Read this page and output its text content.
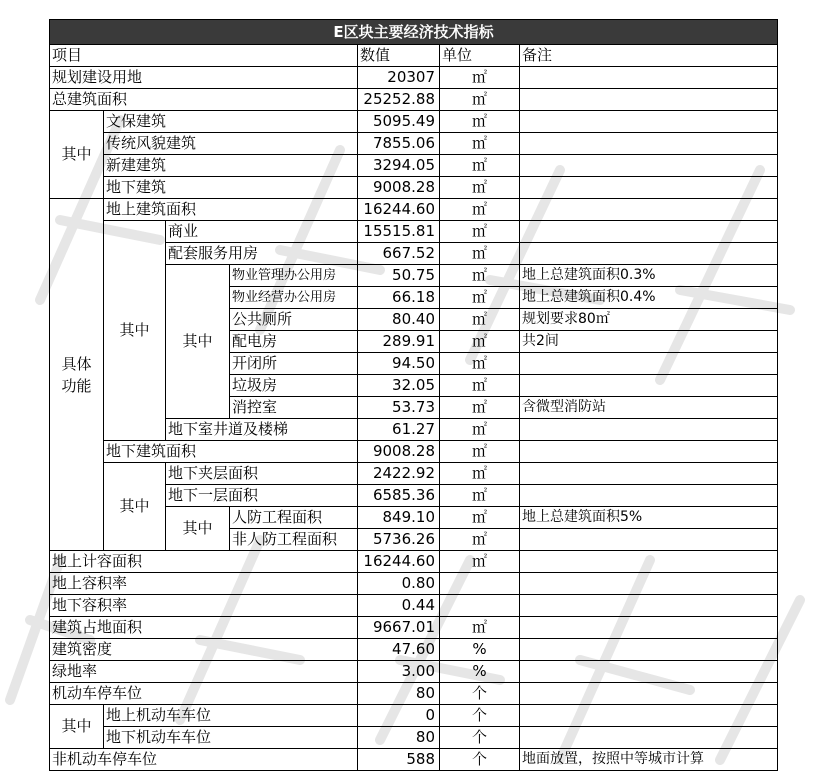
E区块主要经济技术指标						
项目				数值	单位	备注
规划建设用地				20307	㎡	
总建筑面积				25252.88	㎡	
其中	文保建筑			5095.49	㎡	
	传统风貌建筑			7855.06	㎡	
	新建建筑			3294.05	㎡	
	地下建筑			9008.28	㎡	
具体
功能	地上建筑面积			16244.60	㎡	
	其中	商业		15515.81	㎡	
		配套服务用房		667.52	㎡	
		其中	物业管理办公用房	50.75	㎡	地上总建筑面积0.3%
			物业经营办公用房	66.18	㎡	地上总建筑面积0.4%
			公共厕所	80.40	㎡	规划要求80㎡
			配电房	289.91	㎡	共2间
			开闭所	94.50	㎡	
			垃圾房	32.05	㎡	
			消控室	53.73	㎡	含微型消防站
		地下室井道及楼梯		61.27	㎡	
	地下建筑面积			9008.28	㎡	
	其中	地下夹层面积		2422.92	㎡	
		地下一层面积		6585.36	㎡	
		其中	人防工程面积	849.10	㎡	地上总建筑面积5%
			非人防工程面积	5736.26	㎡	
地上计容面积				16244.60	㎡	
地上容积率				0.80		
地下容积率				0.44		
建筑占地面积				9667.01	㎡	
建筑密度				47.60	%	
绿地率				3.00	%	
机动车停车位				80	个	
其中	地上机动车车位			0	个	
	地下机动车车位			80	个	
非机动车停车位				588	个	地面放置，按照中等城市计算
